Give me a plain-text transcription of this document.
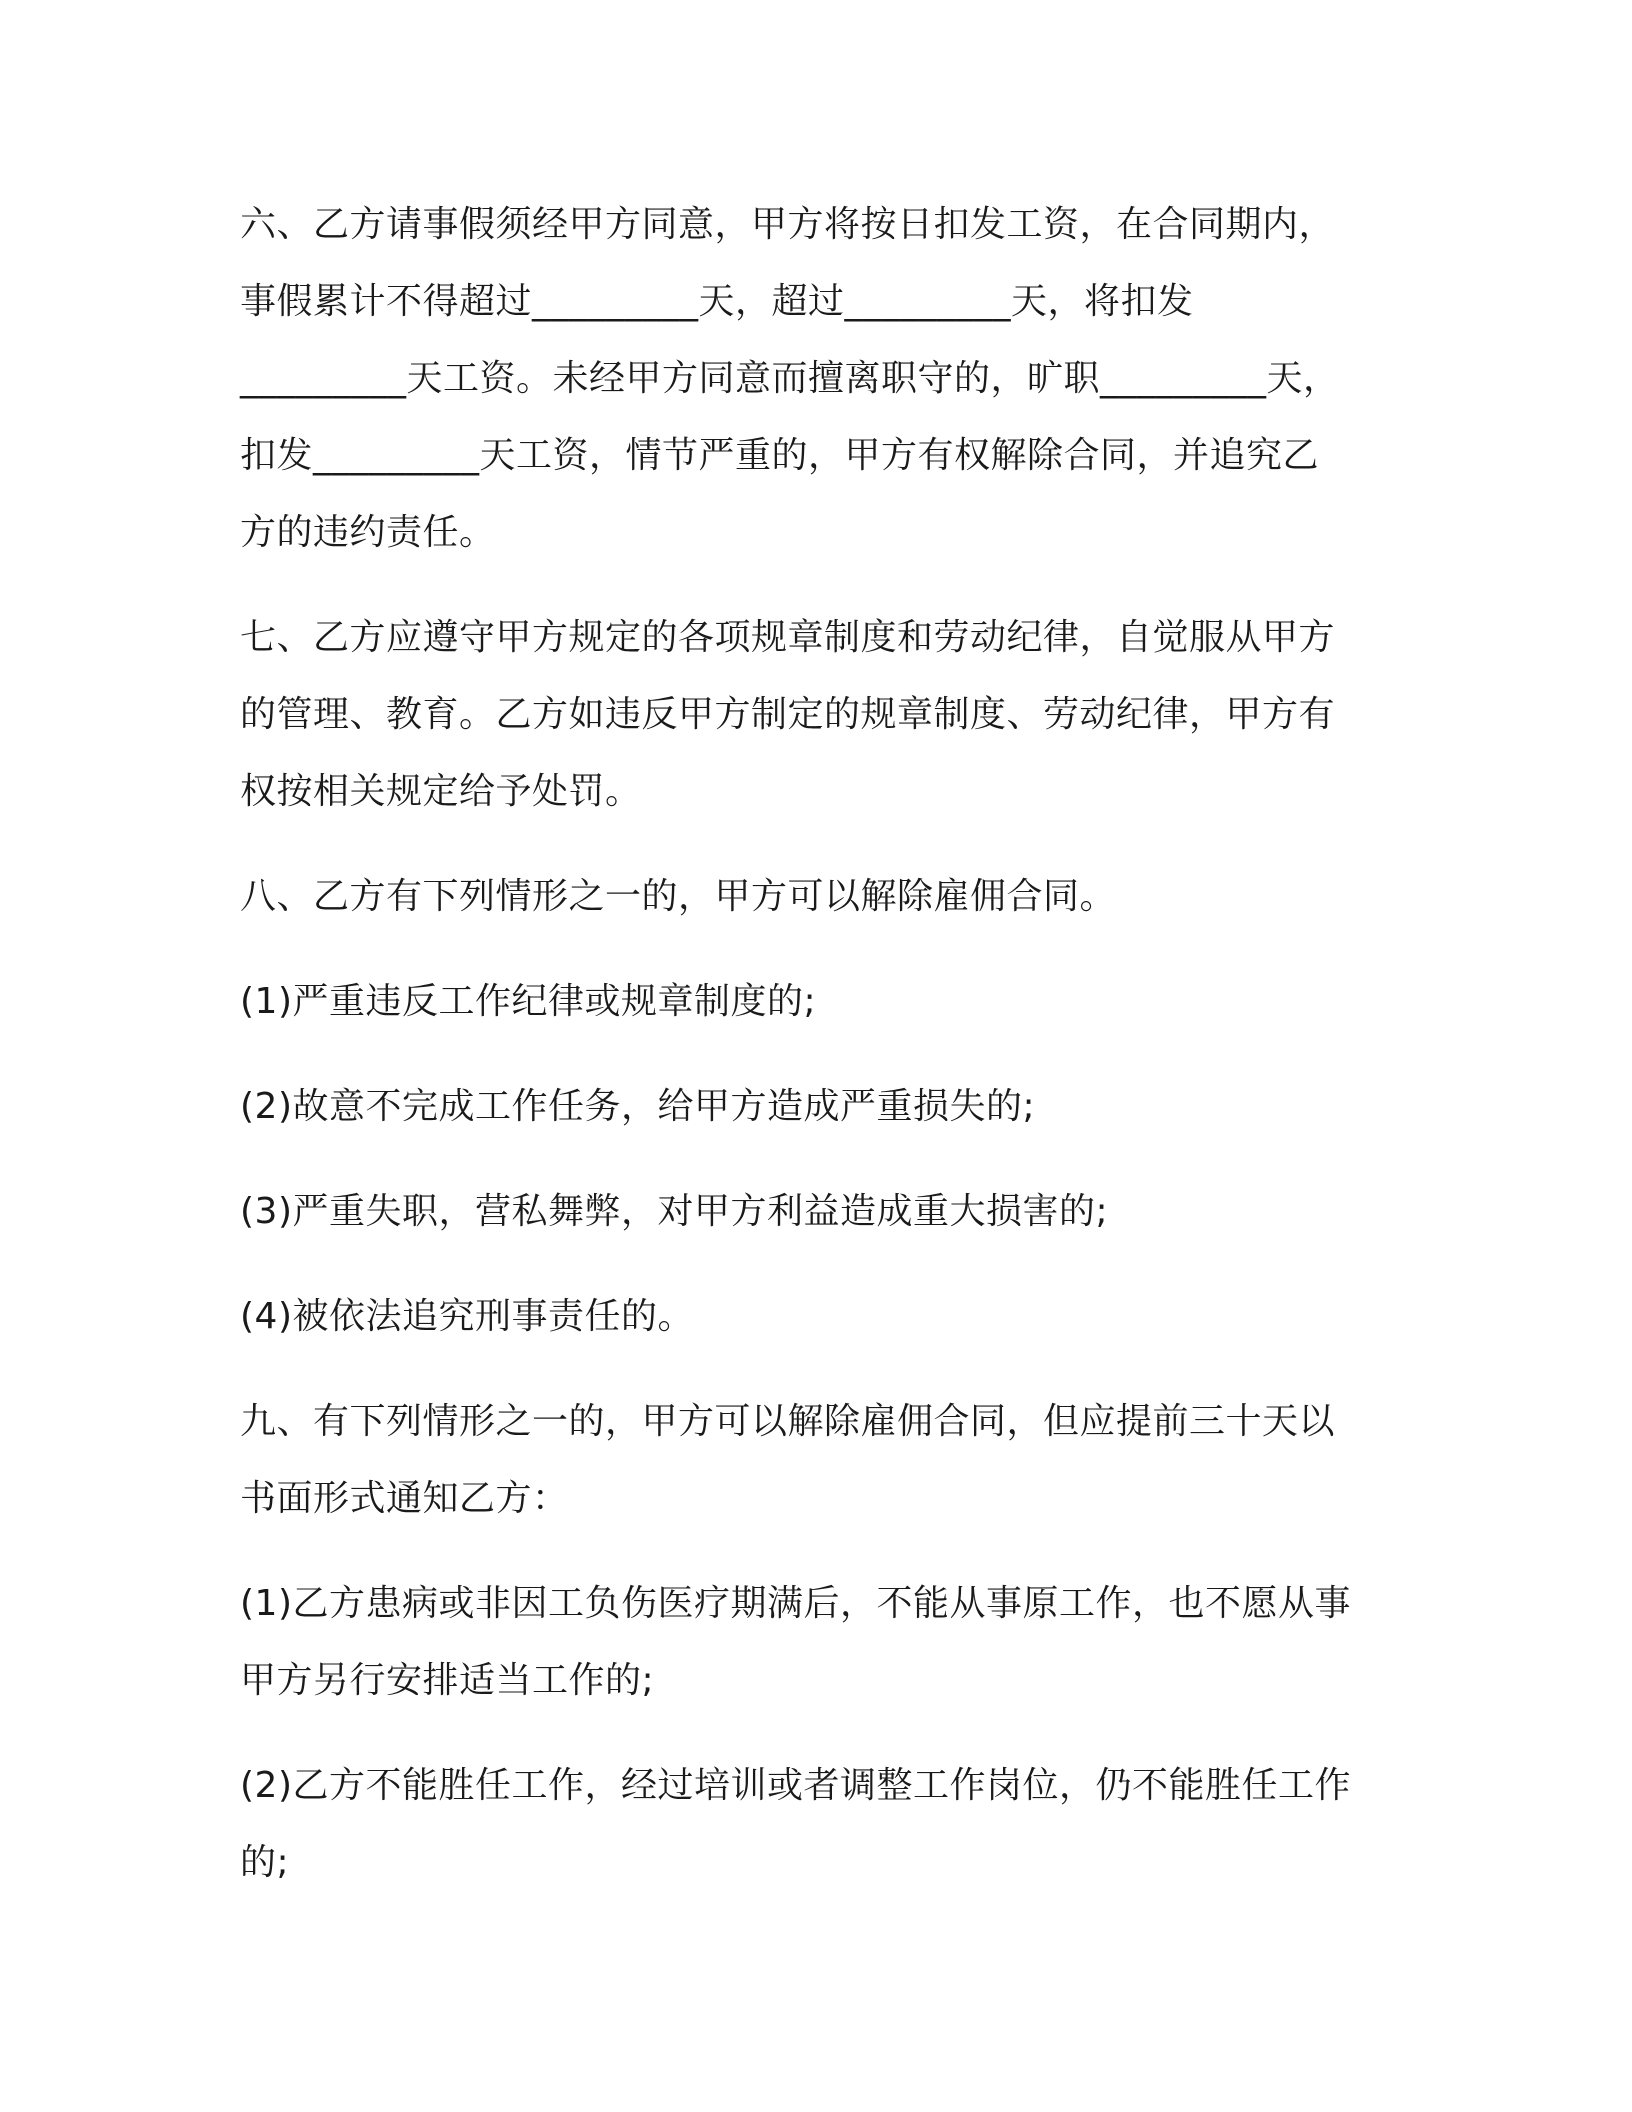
六、乙方请事假须经甲方同意，甲方将按日扣发工资，在合同期内，
事假累计不得超过_________天，超过_________天，将扣发
_________天工资。未经甲方同意而擅离职守的，旷职_________天，
扣发_________天工资，情节严重的，甲方有权解除合同，并追究乙
方的违约责任。

七、乙方应遵守甲方规定的各项规章制度和劳动纪律，自觉服从甲方
的管理、教育。乙方如违反甲方制定的规章制度、劳动纪律，甲方有
权按相关规定给予处罚。

八、乙方有下列情形之一的，甲方可以解除雇佣合同。

(1)严重违反工作纪律或规章制度的;

(2)故意不完成工作任务，给甲方造成严重损失的;

(3)严重失职，营私舞弊，对甲方利益造成重大损害的;

(4)被依法追究刑事责任的。

九、有下列情形之一的，甲方可以解除雇佣合同，但应提前三十天以
书面形式通知乙方：

(1)乙方患病或非因工负伤医疗期满后，不能从事原工作，也不愿从事
甲方另行安排适当工作的;

(2)乙方不能胜任工作，经过培训或者调整工作岗位，仍不能胜任工作
的;
